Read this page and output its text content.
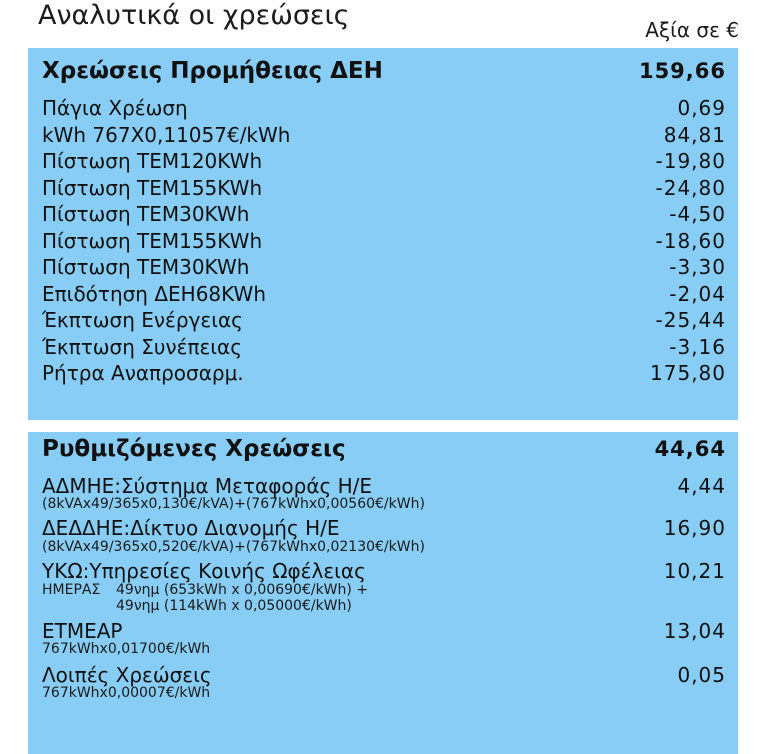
Αναλυτικά οι χρεώσεις	Αξία σε €
Χρεώσεις Προμήθειας ΔΕΗ	159,66
Πάγια Χρέωση	0,69
kWh 767X0,11057€/kWh	84,81
Πίστωση ΤΕΜ120KWh	-19,80
Πίστωση ΤΕΜ155KWh	-24,80
Πίστωση ΤΕΜ30KWh	-4,50
Πίστωση ΤΕΜ155KWh	-18,60
Πίστωση ΤΕΜ30KWh	-3,30
Επιδότηση ΔΕΗ68KWh	-2,04
Έκπτωση Ενέργειας	-25,44
Έκπτωση Συνέπειας	-3,16
Ρήτρα Αναπροσαρμ.	175,80
Ρυθμιζόμενες Χρεώσεις	44,64
ΑΔΜΗΕ:Σύστημα Μεταφοράς Η/Ε	4,44
(8kVAx49/365x0,130€/kVA)+(767kWhx0,00560€/kWh)
ΔΕΔΔΗΕ:Δίκτυο Διανομής Η/Ε	16,90
(8kVAx49/365x0,520€/kVA)+(767kWhx0,02130€/kWh)
ΥΚΩ:Υπηρεσίες Κοινής Ωφέλειας	10,21
ΗΜΕΡΑΣ 49νημ (653kWh x 0,00690€/kWh) +
49νημ (114kWh x 0,05000€/kWh)
ΕΤΜΕΑΡ	13,04
767kWhx0,01700€/kWh
Λοιπές Χρεώσεις	0,05
767kWhx0,00007€/kWh
